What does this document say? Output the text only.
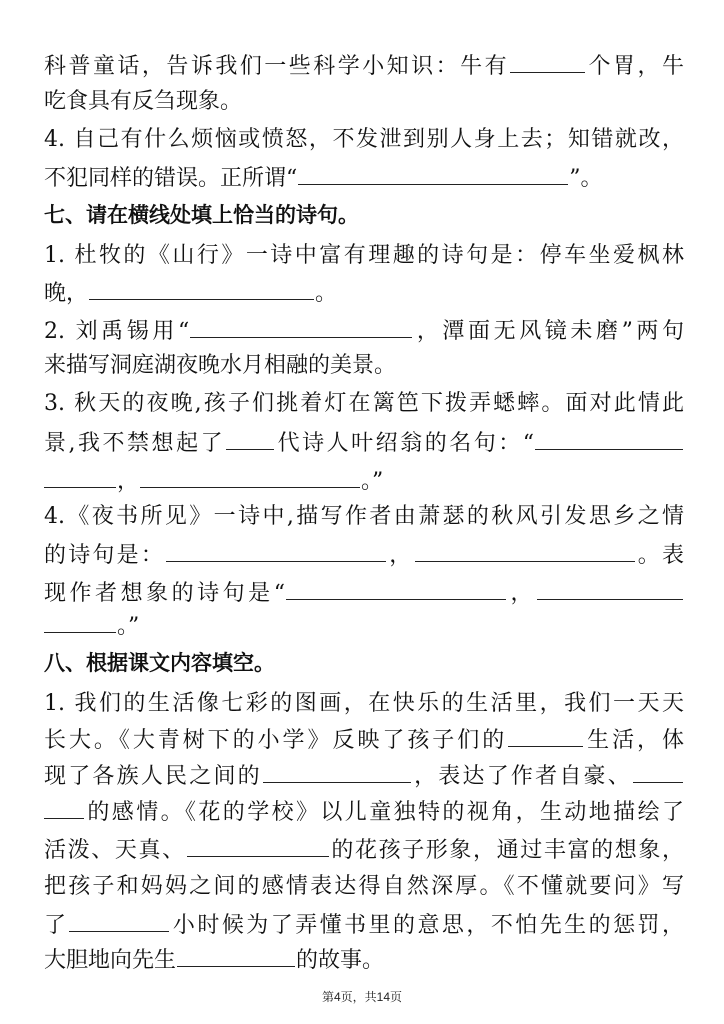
科普童话，告诉我们一些科学小知识：牛有	个胃，牛
吃食具有反刍现象。
4. 自己有什么烦恼或愤怒，不发泄到别人身上去；知错就改，
不犯同样的错误。正所谓“	”。
七、请在横线处填上恰当的诗句。
1. 杜牧的《山行》一诗中富有理趣的诗句是：停车坐爱枫林
晚，	。
2. 刘禹锡用“	，潭面无风镜未磨”两句
来描写洞庭湖夜晚水月相融的美景。
3. 秋天的夜晚,孩子们挑着灯在篱笆下拨弄蟋蟀。面对此情此
景,我不禁想起了 代诗人叶绍翁的名句：“
，	。”
4.《夜书所见》一诗中,描写作者由萧瑟的秋风引发思乡之情
的诗句是：	，	。表
现作者想象的诗句是“	，
。”
八、根据课文内容填空。
1. 我们的生活像七彩的图画，在快乐的生活里，我们一天天
长大。《大青树下的小学》反映了孩子们的	生活，体
现了各族人民之间的	，表达了作者自豪、
的感情。《花的学校》以儿童独特的视角，生动地描绘了
活泼、天真、	的花孩子形象，通过丰富的想象，
把孩子和妈妈之间的感情表达得自然深厚。《不懂就要问》写
了	小时候为了弄懂书里的意思，不怕先生的惩罚，
大胆地向先生	的故事。
第4页，共14页
